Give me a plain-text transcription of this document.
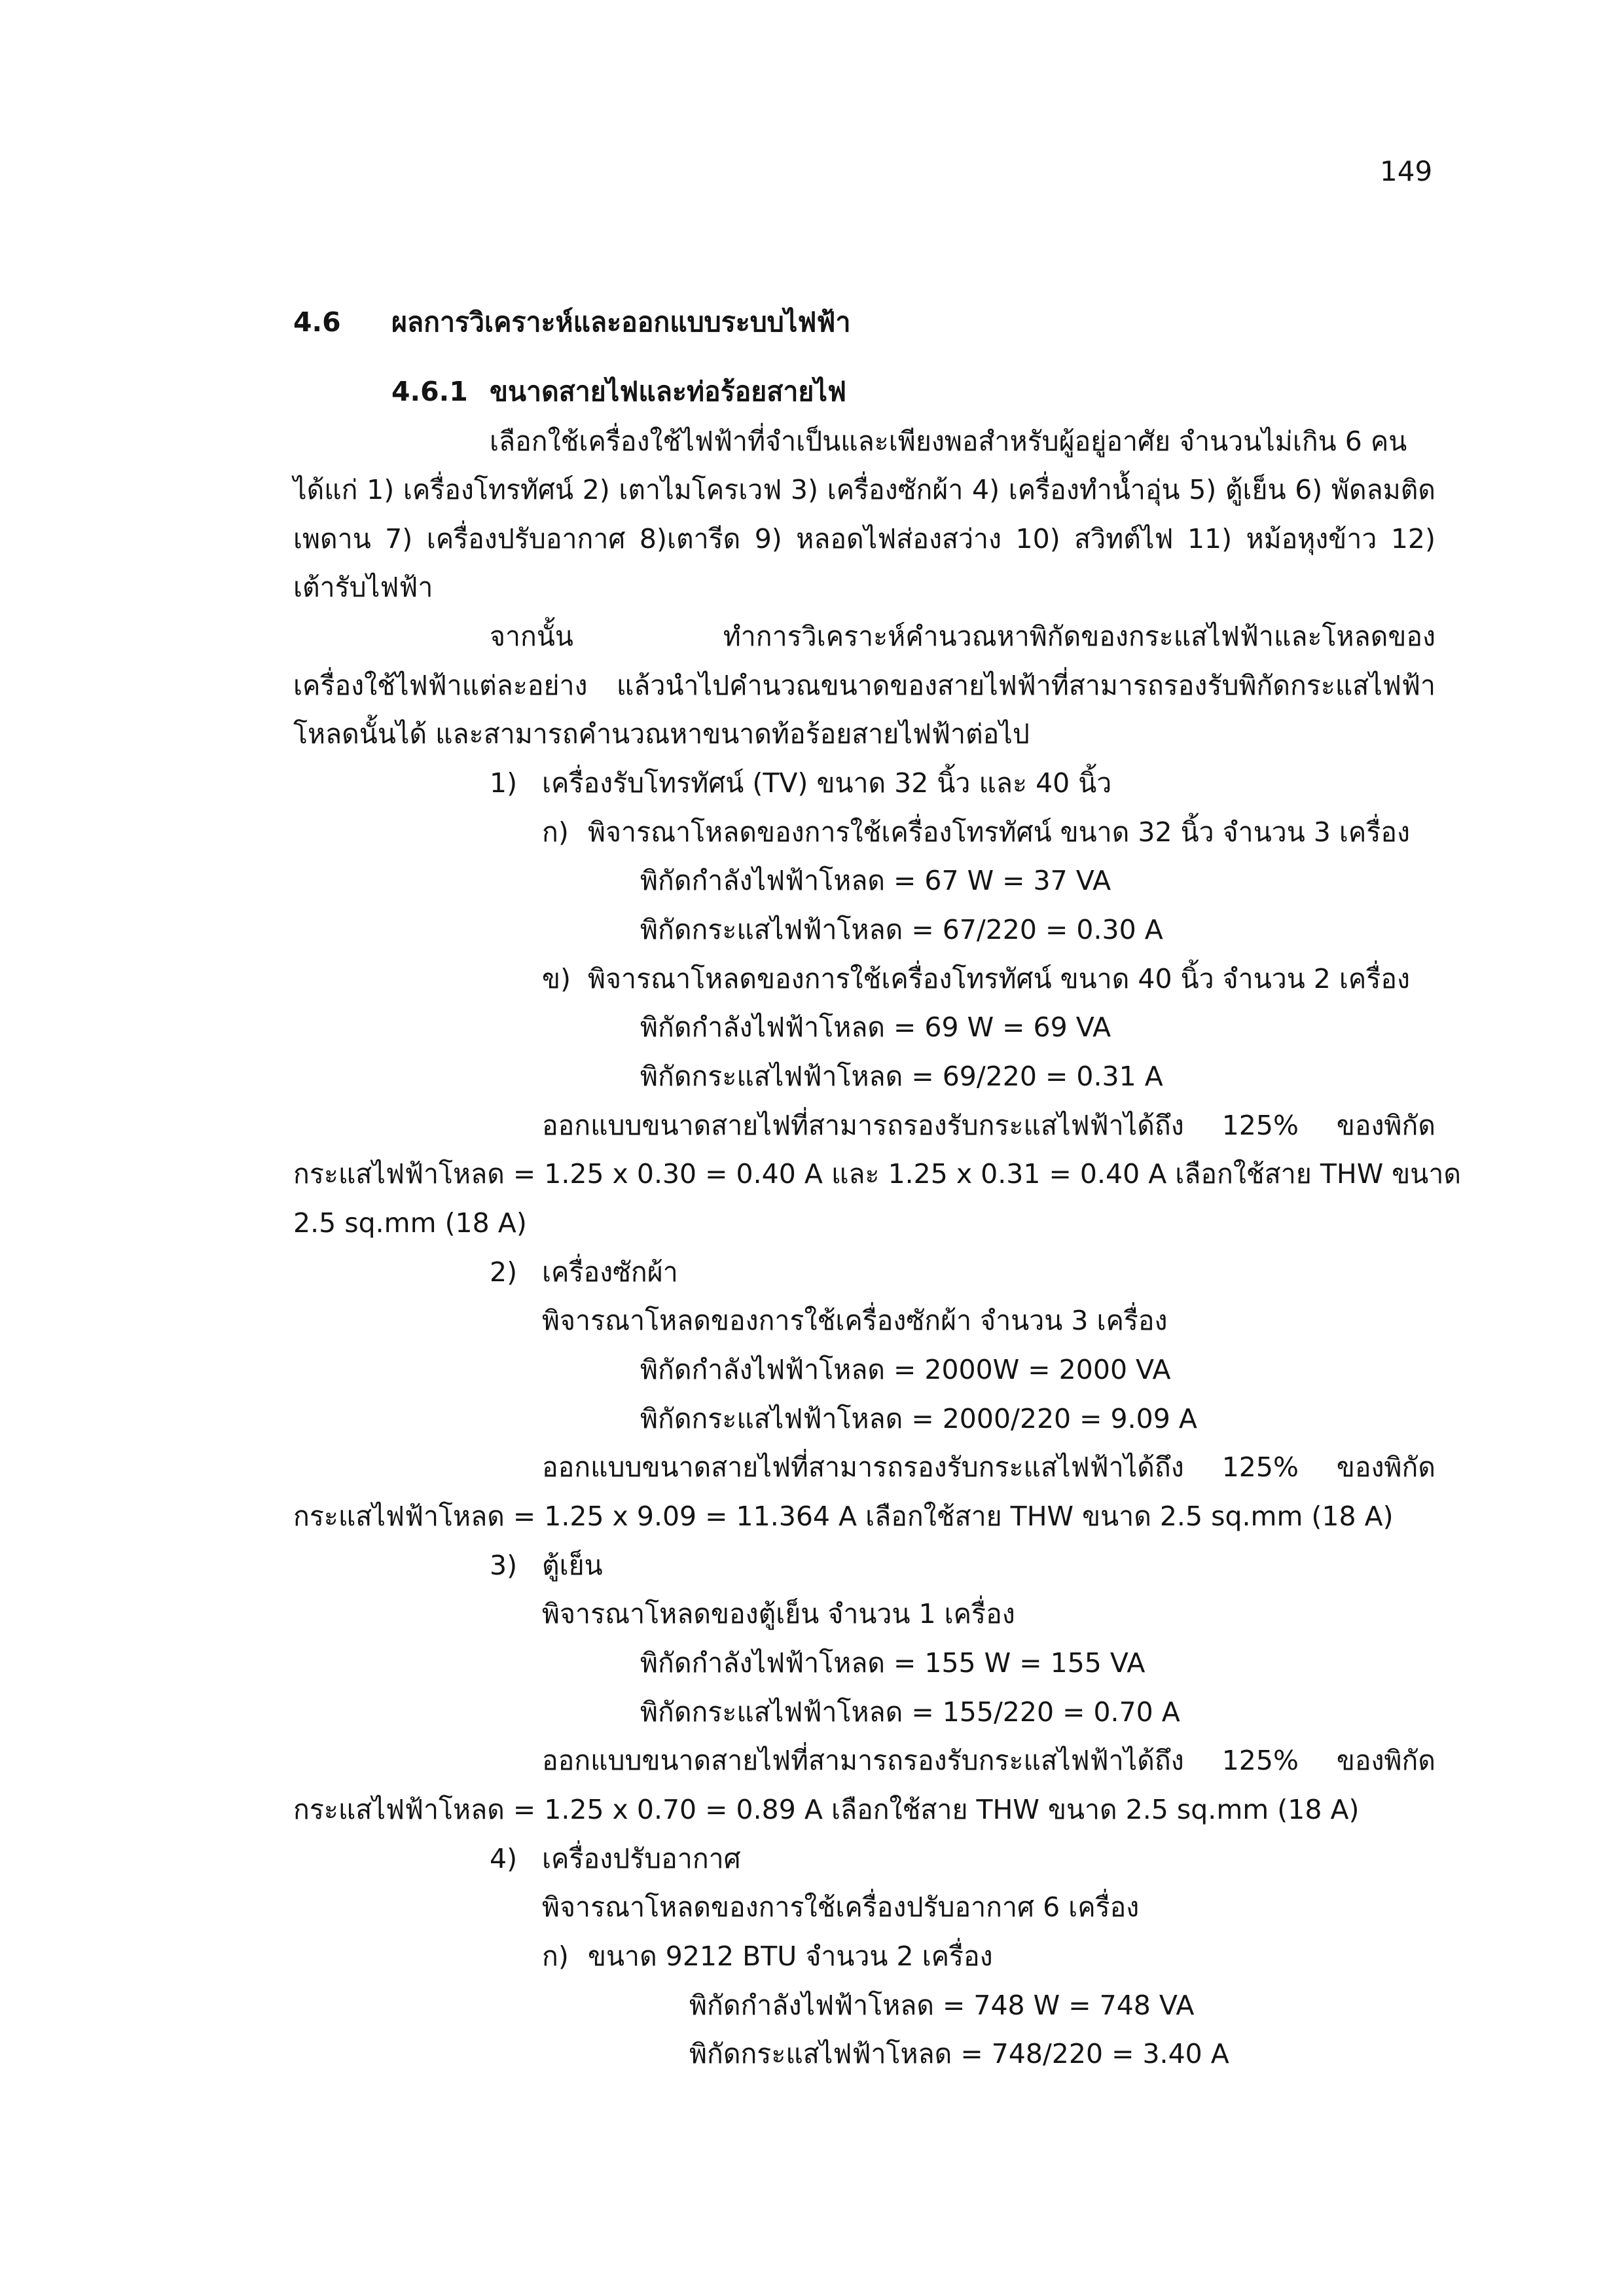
149

4.6 ผลการวิเคราะห์และออกแบบระบบไฟฟ้า

4.6.1 ขนาดสายไฟและท่อร้อยสายไฟ

เลือกใช้เครื่องใช้ไฟฟ้าที่จำเป็นและเพียงพอสำหรับผู้อยู่อาศัย จำนวนไม่เกิน 6 คน

ได้แก่ 1) เครื่องโทรทัศน์ 2) เตาไมโครเวฟ 3) เครื่องซักผ้า 4) เครื่องทำน้ำอุ่น 5) ตู้เย็น 6) พัดลมติด

เพดาน 7) เครื่องปรับอากาศ 8)เตารีด 9) หลอดไฟส่องสว่าง 10) สวิทต์ไฟ 11) หม้อหุงข้าว 12)

เต้ารับไฟฟ้า

จากนั้น ทำการวิเคราะห์คำนวณหาพิกัดของกระแสไฟฟ้าและโหลดของ

เครื่องใช้ไฟฟ้าแต่ละอย่าง แล้วนำไปคำนวณขนาดของสายไฟฟ้าที่สามารถรองรับพิกัดกระแสไฟฟ้า

โหลดนั้นได้ และสามารถคำนวณหาขนาดท้อร้อยสายไฟฟ้าต่อไป

1) เครื่องรับโทรทัศน์ (TV) ขนาด 32 นิ้ว และ 40 นิ้ว

ก) พิจารณาโหลดของการใช้เครื่องโทรทัศน์ ขนาด 32 นิ้ว จำนวน 3 เครื่อง

พิกัดกำลังไฟฟ้าโหลด = 67 W = 37 VA

พิกัดกระแสไฟฟ้าโหลด = 67/220 = 0.30 A

ข) พิจารณาโหลดของการใช้เครื่องโทรทัศน์ ขนาด 40 นิ้ว จำนวน 2 เครื่อง

พิกัดกำลังไฟฟ้าโหลด = 69 W = 69 VA

พิกัดกระแสไฟฟ้าโหลด = 69/220 = 0.31 A

ออกแบบขนาดสายไฟที่สามารถรองรับกระแสไฟฟ้าได้ถึง 125% ของพิกัด

กระแสไฟฟ้าโหลด = 1.25 x 0.30 = 0.40 A และ 1.25 x 0.31 = 0.40 A เลือกใช้สาย THW ขนาด

2.5 sq.mm (18 A)

2) เครื่องซักผ้า

พิจารณาโหลดของการใช้เครื่องซักผ้า จำนวน 3 เครื่อง

พิกัดกำลังไฟฟ้าโหลด = 2000W = 2000 VA

พิกัดกระแสไฟฟ้าโหลด = 2000/220 = 9.09 A

ออกแบบขนาดสายไฟที่สามารถรองรับกระแสไฟฟ้าได้ถึง 125% ของพิกัด

กระแสไฟฟ้าโหลด = 1.25 x 9.09 = 11.364 A เลือกใช้สาย THW ขนาด 2.5 sq.mm (18 A)

3) ตู้เย็น

พิจารณาโหลดของตู้เย็น จำนวน 1 เครื่อง

พิกัดกำลังไฟฟ้าโหลด = 155 W = 155 VA

พิกัดกระแสไฟฟ้าโหลด = 155/220 = 0.70 A

ออกแบบขนาดสายไฟที่สามารถรองรับกระแสไฟฟ้าได้ถึง 125% ของพิกัด

กระแสไฟฟ้าโหลด = 1.25 x 0.70 = 0.89 A เลือกใช้สาย THW ขนาด 2.5 sq.mm (18 A)

4) เครื่องปรับอากาศ

พิจารณาโหลดของการใช้เครื่องปรับอากาศ 6 เครื่อง

ก) ขนาด 9212 BTU จำนวน 2 เครื่อง

พิกัดกำลังไฟฟ้าโหลด = 748 W = 748 VA

พิกัดกระแสไฟฟ้าโหลด = 748/220 = 3.40 A
